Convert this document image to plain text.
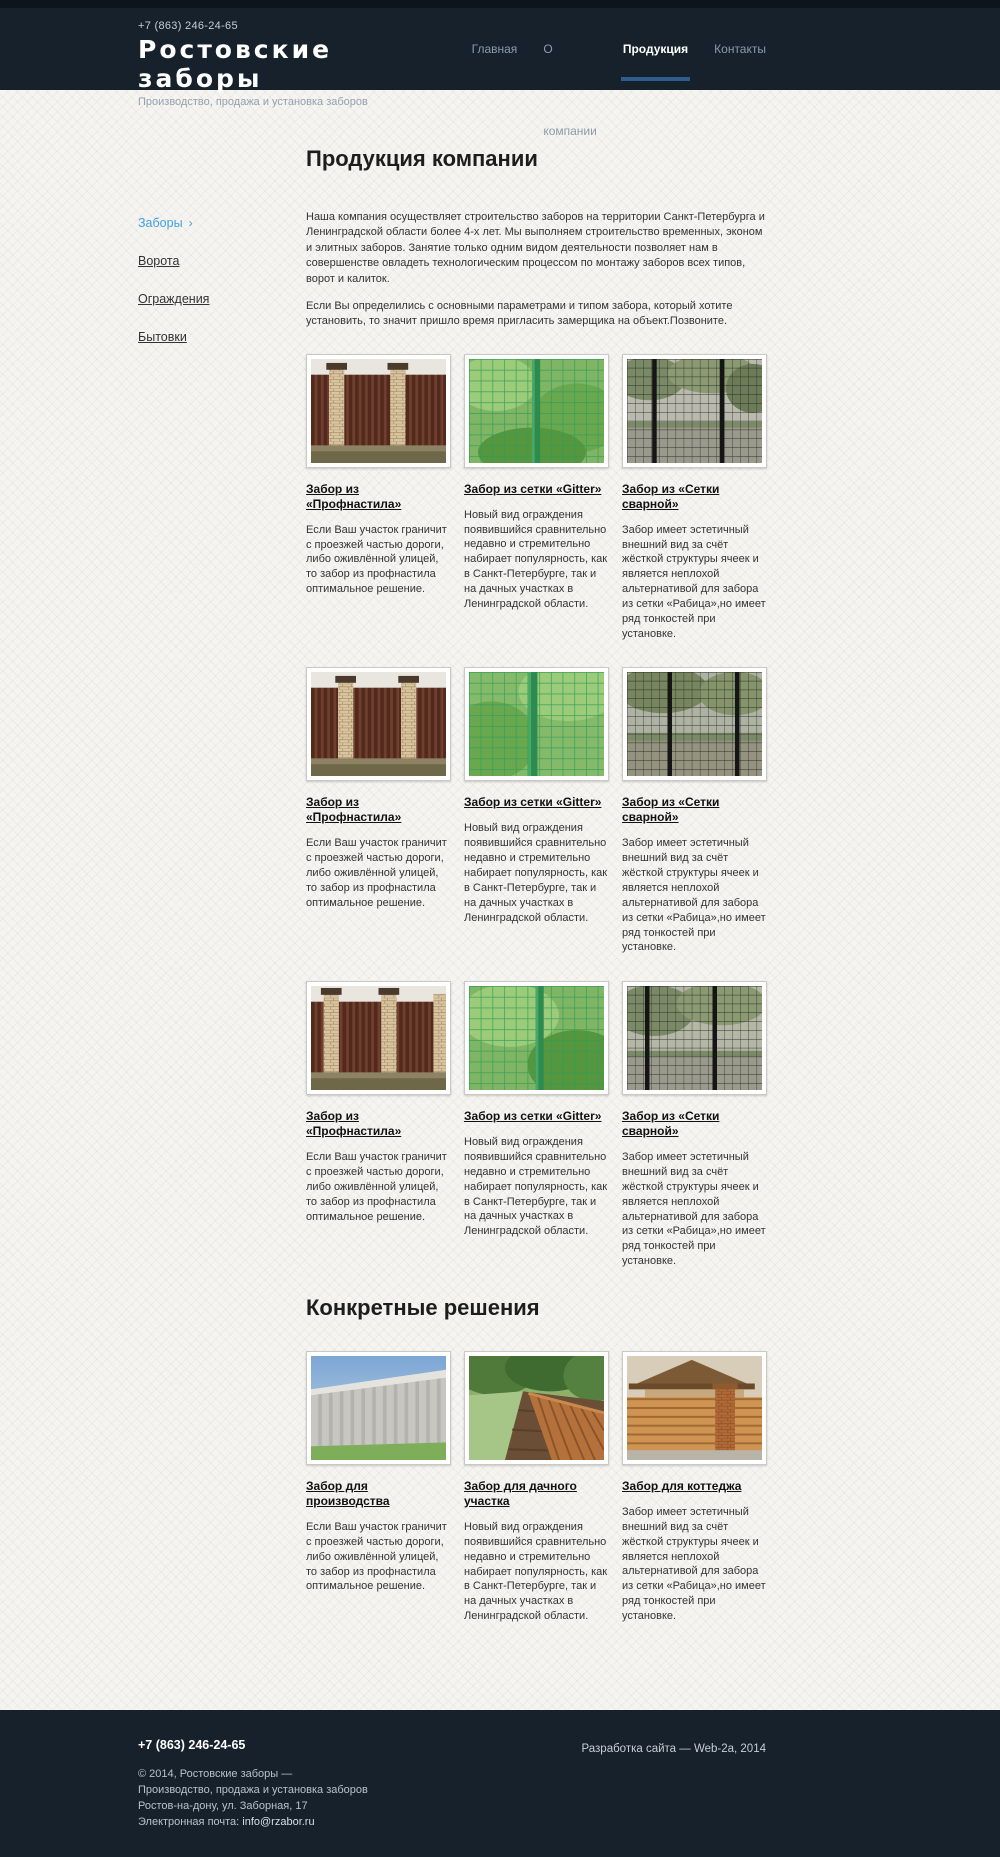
+7 (863) 246-24-65
Ростовские заборы
Производство, продажа и установка заборов
Главная О компании
Продукция Контакты
Продукция компании
Заборы ›
Ворота
Ограждения
Бытовки

Наша компания осуществляет строительство заборов на территории Санкт-Петербурга и Ленинградской области более 4-х лет. Мы выполняем строительство временных, эконом и элитных заборов. Занятие только одним видом деятельности позволяет нам в совершенстве овладеть технологическим процессом по монтажу заборов всех типов, ворот и калиток.

Если Вы определились с основными параметрами и типом забора, который хотите установить, то значит пришло время пригласить замерщика на объект.Позвоните.

Забор из «Профнастила»

Если Ваш участок граничит с проезжей частью дороги, либо оживлённой улицей, то забор из профнастила оптимальное решение.

Забор из сетки «Gitter»

Новый вид ограждения появившийся сравнительно недавно и стремительно набирает популярность, как в Санкт-Петербурге, так и на дачных участках в Ленинградской области.

Забор из «Сетки сварной»

Забор имеет эстетичный внешний вид за счёт жёсткой структуры ячеек и является неплохой альтернативой для забора из сетки «Рабица»,но имеет ряд тонкостей при установке.

Забор из «Профнастила»

Если Ваш участок граничит с проезжей частью дороги, либо оживлённой улицей, то забор из профнастила оптимальное решение.

Забор из сетки «Gitter»

Новый вид ограждения появившийся сравнительно недавно и стремительно набирает популярность, как в Санкт-Петербурге, так и на дачных участках в Ленинградской области.

Забор из «Сетки сварной»

Забор имеет эстетичный внешний вид за счёт жёсткой структуры ячеек и является неплохой альтернативой для забора из сетки «Рабица»,но имеет ряд тонкостей при установке.

Забор из «Профнастила»

Если Ваш участок граничит с проезжей частью дороги, либо оживлённой улицей, то забор из профнастила оптимальное решение.

Забор из сетки «Gitter»

Новый вид ограждения появившийся сравнительно недавно и стремительно набирает популярность, как в Санкт-Петербурге, так и на дачных участках в Ленинградской области.

Забор из «Сетки сварной»

Забор имеет эстетичный внешний вид за счёт жёсткой структуры ячеек и является неплохой альтернативой для забора из сетки «Рабица»,но имеет ряд тонкостей при установке.

Конкретные решения
Забор для производства

Если Ваш участок граничит с проезжей частью дороги, либо оживлённой улицей, то забор из профнастила оптимальное решение.

Забор для дачного участка

Новый вид ограждения появившийся сравнительно недавно и стремительно набирает популярность, как в Санкт-Петербурге, так и на дачных участках в Ленинградской области.

Забор для коттеджа

Забор имеет эстетичный внешний вид за счёт жёсткой структуры ячеек и является неплохой альтернативой для забора из сетки «Рабица»,но имеет ряд тонкостей при установке.

+7 (863) 246-24-65
© 2014, Ростовские заборы —
Производство, продажа и установка заборов
Ростов-на-дону, ул. Заборная, 17
Электронная почта: info@rzabor.ru
Разработка сайта — Web-2a, 2014
